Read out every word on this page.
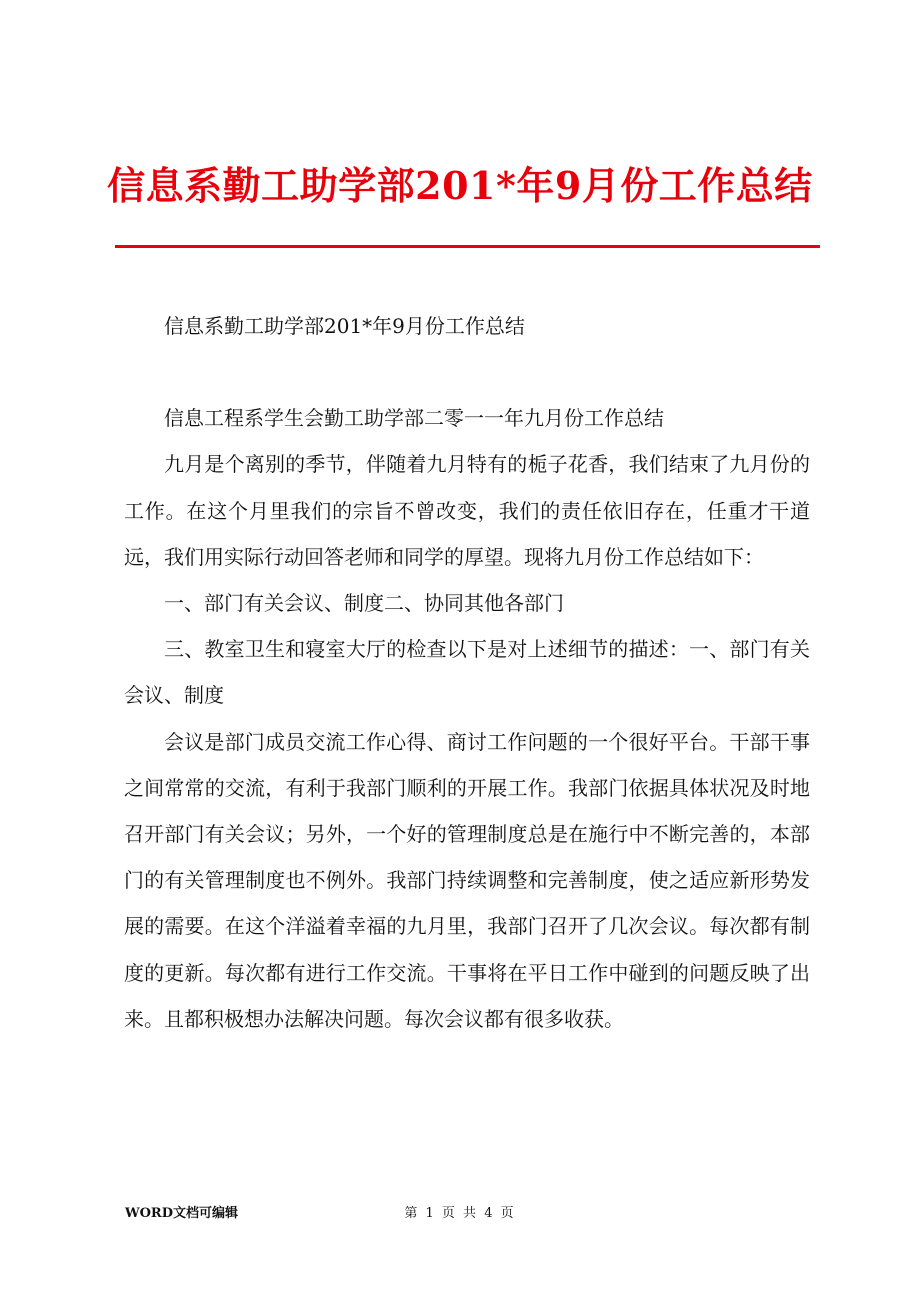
信息系勤工助学部201*年9月份工作总结

信息系勤工助学部201*年9月份工作总结

信息工程系学生会勤工助学部二零一一年九月份工作总结

九月是个离别的季节，伴随着九月特有的栀子花香，我们结束了九月份的工作。在这个月里我们的宗旨不曾改变，我们的责任依旧存在，任重才干道远，我们用实际行动回答老师和同学的厚望。现将九月份工作总结如下：

一、部门有关会议、制度二、协同其他各部门

三、教室卫生和寝室大厅的检查以下是对上述细节的描述：一、部门有关会议、制度

会议是部门成员交流工作心得、商讨工作问题的一个很好平台。干部干事之间常常的交流，有利于我部门顺利的开展工作。我部门依据具体状况及时地召开部门有关会议；另外，一个好的管理制度总是在施行中不断完善的，本部门的有关管理制度也不例外。我部门持续调整和完善制度，使之适应新形势发展的需要。在这个洋溢着幸福的九月里，我部门召开了几次会议。每次都有制度的更新。每次都有进行工作交流。干事将在平日工作中碰到的问题反映了出来。且都积极想办法解决问题。每次会议都有很多收获。

WORD文档可编辑	第 1 页 共 4 页
